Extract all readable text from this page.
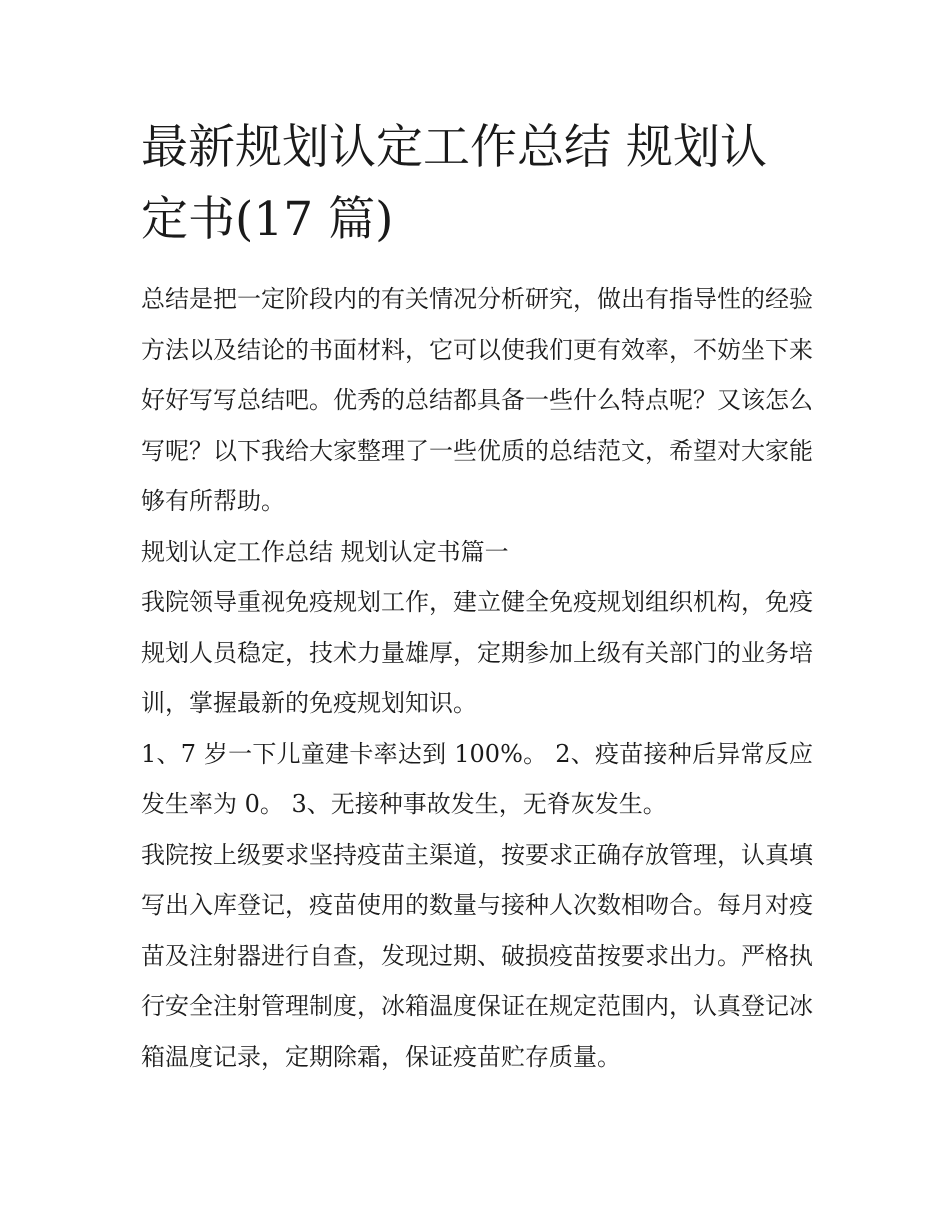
最新规划认定工作总结 规划认定书(17 篇)

总结是把一定阶段内的有关情况分析研究，做出有指导性的经验方法以及结论的书面材料，它可以使我们更有效率，不妨坐下来好好写写总结吧。优秀的总结都具备一些什么特点呢？又该怎么写呢？以下我给大家整理了一些优质的总结范文，希望对大家能够有所帮助。

规划认定工作总结 规划认定书篇一

我院领导重视免疫规划工作，建立健全免疫规划组织机构，免疫规划人员稳定，技术力量雄厚，定期参加上级有关部门的业务培训，掌握最新的免疫规划知识。

1、7 岁一下儿童建卡率达到 100%。 2、疫苗接种后异常反应发生率为 0。 3、无接种事故发生，无脊灰发生。

我院按上级要求坚持疫苗主渠道，按要求正确存放管理，认真填写出入库登记，疫苗使用的数量与接种人次数相吻合。每月对疫苗及注射器进行自查，发现过期、破损疫苗按要求出力。严格执行安全注射管理制度，冰箱温度保证在规定范围内，认真登记冰箱温度记录，定期除霜，保证疫苗贮存质量。
